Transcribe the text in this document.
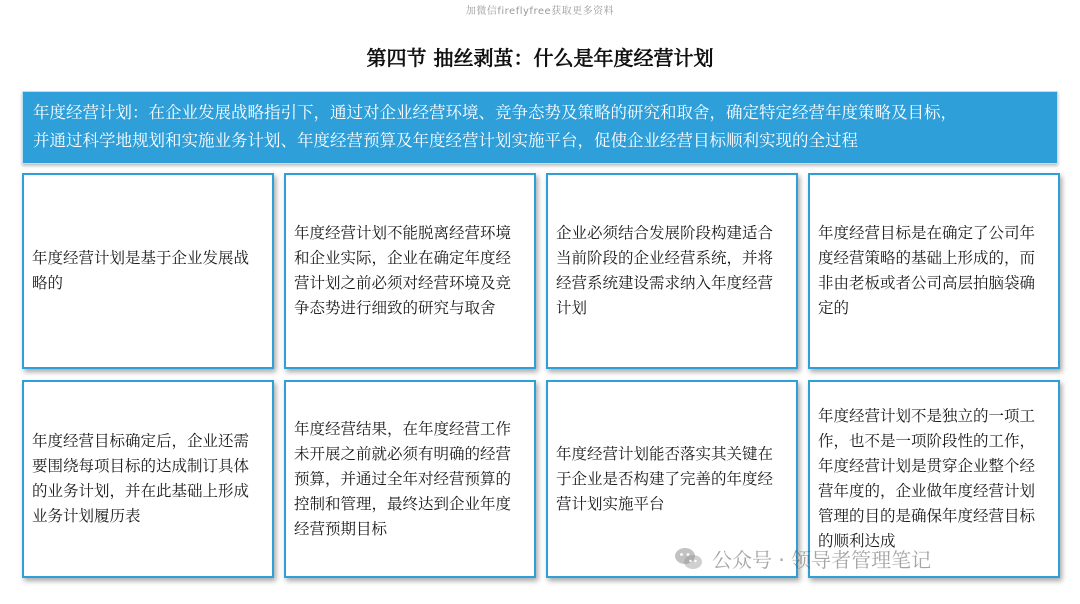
加微信fireflyfree获取更多资料
第四节 抽丝剥茧：什么是年度经营计划
年度经营计划：在企业发展战略指引下，通过对企业经营环境、竞争态势及策略的研究和取舍，确定特定经营年度策略及目标，
并通过科学地规划和实施业务计划、年度经营预算及年度经营计划实施平台，促使企业经营目标顺利实现的全过程
年度经营计划是基于企业发展战略的
年度经营计划不能脱离经营环境和企业实际，企业在确定年度经营计划之前必须对经营环境及竞争态势进行细致的研究与取舍
企业必须结合发展阶段构建适合当前阶段的企业经营系统，并将经营系统建设需求纳入年度经营计划
年度经营目标是在确定了公司年度经营策略的基础上形成的，而非由老板或者公司高层拍脑袋确定的
年度经营目标确定后，企业还需要围绕每项目标的达成制订具体的业务计划，并在此基础上形成业务计划履历表
年度经营结果，在年度经营工作未开展之前就必须有明确的经营预算，并通过全年对经营预算的控制和管理，最终达到企业年度经营预期目标
年度经营计划能否落实其关键在于企业是否构建了完善的年度经营计划实施平台
年度经营计划不是独立的一项工作，也不是一项阶段性的工作，年度经营计划是贯穿企业整个经营年度的，企业做年度经营计划管理的目的是确保年度经营目标的顺利达成
公众号 · 领导者管理笔记
